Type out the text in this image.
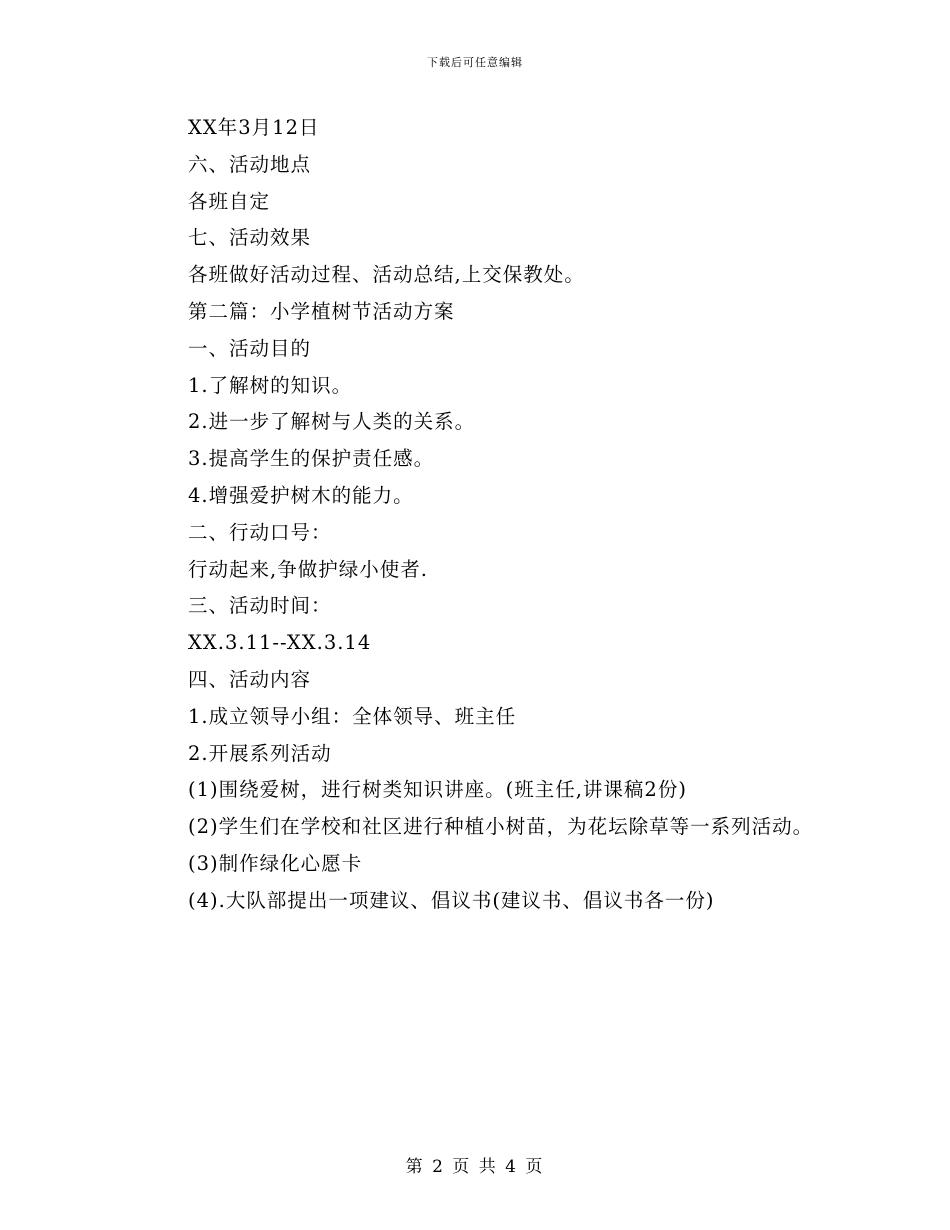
下载后可任意编辑
XX年3月12日
六、活动地点
各班自定
七、活动效果
各班做好活动过程、活动总结,上交保教处。
第二篇：小学植树节活动方案
一、活动目的
1.了解树的知识。
2.进一步了解树与人类的关系。
3.提高学生的保护责任感。
4.增强爱护树木的能力。
二、行动口号：
行动起来,争做护绿小使者.
三、活动时间：
XX.3.11--XX.3.14
四、活动内容
1.成立领导小组：全体领导、班主任
2.开展系列活动
(1)围绕爱树，进行树类知识讲座。(班主任,讲课稿2份)
(2)学生们在学校和社区进行种植小树苗，为花坛除草等一系列活动。
(3)制作绿化心愿卡
(4).大队部提出一项建议、倡议书(建议书、倡议书各一份)
第 2 页 共 4 页
